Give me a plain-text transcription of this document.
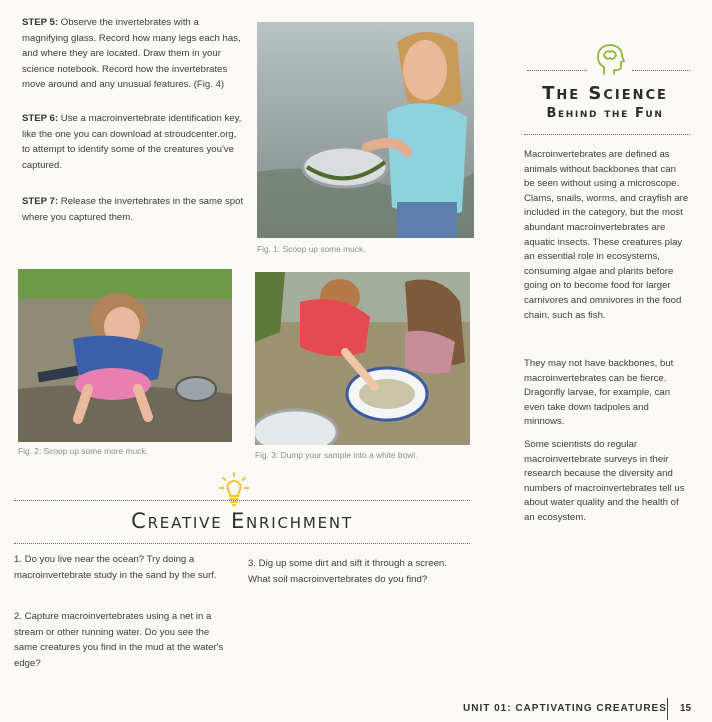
STEP 5: Observe the invertebrates with a magnifying glass. Record how many legs each has, and where they are located. Draw them in your science notebook. Record how the invertebrates move around and any unusual features. (Fig. 4)
STEP 6: Use a macroinvertebrate identification key, like the one you can download at stroudcenter.org, to attempt to identify some of the creatures you've captured.
STEP 7: Release the invertebrates in the same spot where you captured them.
Fig. 1: Scoop up some muck.
Fig. 2: Scoop up some more muck.	Fig. 3: Dump your sample into a white bowl.
Creative Enrichment
1. Do you live near the ocean? Try doing a macroinvertebrate study in the sand by the surf.
2. Capture macroinvertebrates using a net in a stream or other running water. Do you see the same creatures you find in the mud at the water's edge?
3. Dig up some dirt and sift it through a screen. What soil macroinvertebrates do you find?
The Science
Behind the Fun
Macroinvertebrates are defined as animals without backbones that can be seen without using a microscope. Clams, snails, worms, and crayfish are included in the category, but the most abundant macroinvertebrates are aquatic insects. These creatures play an essential role in ecosystems, consuming algae and plants before going on to become food for larger carnivores and omnivores in the food chain, such as fish.
They may not have backbones, but macroinvertebrates can be fierce. Dragonfly larvae, for example, can even take down tadpoles and minnows.
Some scientists do regular macroinvertebrate surveys in their research because the diversity and numbers of macroinvertebrates tell us about water quality and the health of an ecosystem.
UNIT 01: CAPTIVATING CREATURES 15
